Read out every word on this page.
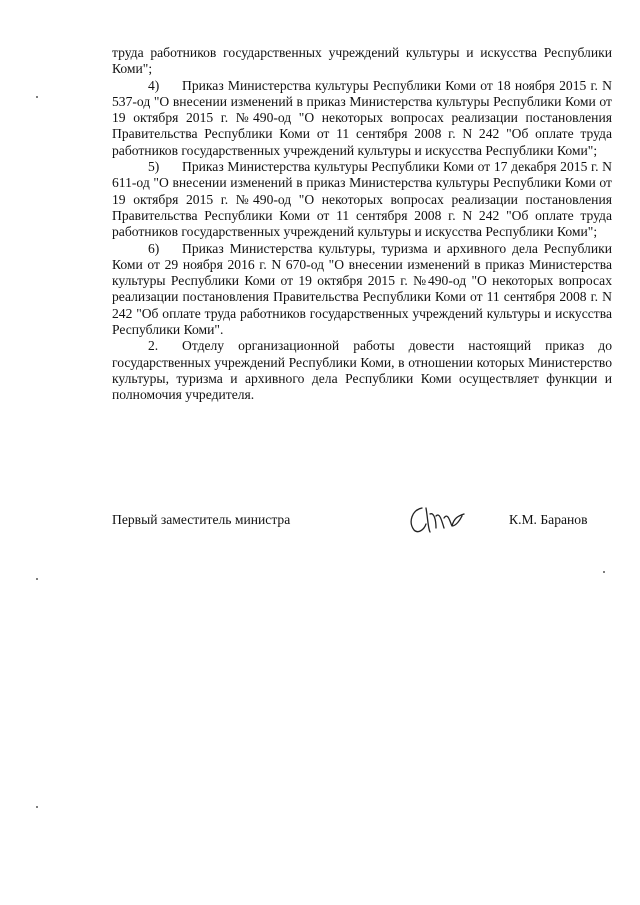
труда работников государственных учреждений культуры и искусства Республики Коми";

4) Приказ Министерства культуры Республики Коми от 18 ноября 2015 г. N 537-од "О внесении изменений в приказ Министерства культуры Республики Коми от 19 октября 2015 г. №490-од "О некоторых вопросах реализации постановления Правительства Республики Коми от 11 сентября 2008 г. N 242 "Об оплате труда работников государственных учреждений культуры и искусства Республики Коми";

5) Приказ Министерства культуры Республики Коми от 17 декабря 2015 г. N 611-од "О внесении изменений в приказ Министерства культуры Республики Коми от 19 октября 2015 г. №490-од "О некоторых вопросах реализации постановления Правительства Республики Коми от 11 сентября 2008 г. N 242 "Об оплате труда работников государственных учреждений культуры и искусства Республики Коми";

6) Приказ Министерства культуры, туризма и архивного дела Республики Коми от 29 ноября 2016 г. N 670-од "О внесении изменений в приказ Министерства культуры Республики Коми от 19 октября 2015 г. №490-од "О некоторых вопросах реализации постановления Правительства Республики Коми от 11 сентября 2008 г. N 242 "Об оплате труда работников государственных учреждений культуры и искусства Республики Коми".

2. Отделу организационной работы довести настоящий приказ до государственных учреждений Республики Коми, в отношении которых Министерство культуры, туризма и архивного дела Республики Коми осуществляет функции и полномочия учредителя.

Первый заместитель министра	К.М. Баранов
